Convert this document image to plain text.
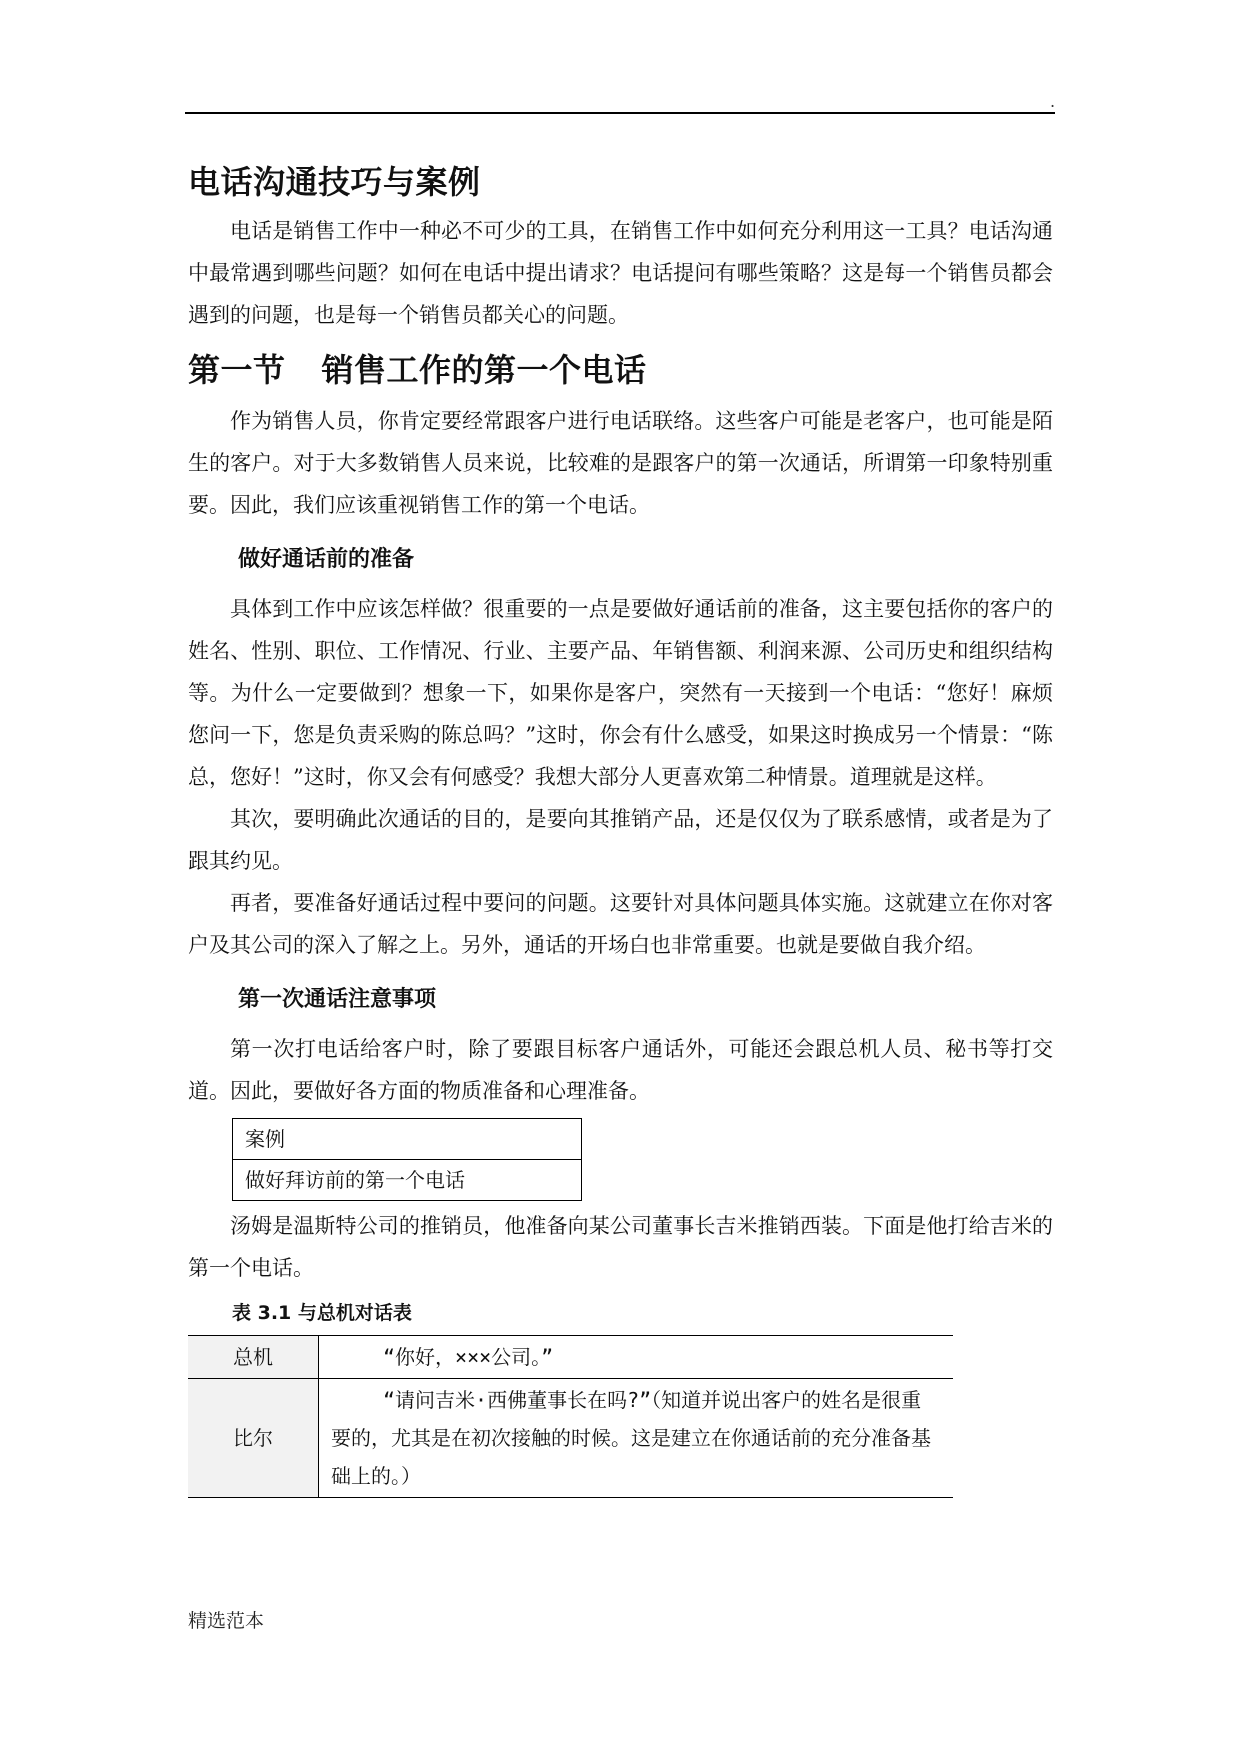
.
电话沟通技巧与案例

电话是销售工作中一种必不可少的工具，在销售工作中如何充分利用这一工具？电话沟通中最常遇到哪些问题？如何在电话中提出请求？电话提问有哪些策略？这是每一个销售员都会遇到的问题，也是每一个销售员都关心的问题。

第一节 销售工作的第一个电话

作为销售人员，你肯定要经常跟客户进行电话联络。这些客户可能是老客户，也可能是陌生的客户。对于大多数销售人员来说，比较难的是跟客户的第一次通话，所谓第一印象特别重要。因此，我们应该重视销售工作的第一个电话。

做好通话前的准备

具体到工作中应该怎样做？很重要的一点是要做好通话前的准备，这主要包括你的客户的姓名、性别、职位、工作情况、行业、主要产品、年销售额、利润来源、公司历史和组织结构等。为什么一定要做到？想象一下，如果你是客户，突然有一天接到一个电话：“您好！麻烦您问一下，您是负责采购的陈总吗？”这时，你会有什么感受，如果这时换成另一个情景：“陈总，您好！”这时，你又会有何感受？我想大部分人更喜欢第二种情景。道理就是这样。

其次，要明确此次通话的目的，是要向其推销产品，还是仅仅为了联系感情，或者是为了跟其约见。

再者，要准备好通话过程中要问的问题。这要针对具体问题具体实施。这就建立在你对客户及其公司的深入了解之上。另外，通话的开场白也非常重要。也就是要做自我介绍。

第一次通话注意事项

第一次打电话给客户时，除了要跟目标客户通话外，可能还会跟总机人员、秘书等打交道。因此，要做好各方面的物质准备和心理准备。

案例
做好拜访前的第一个电话

汤姆是温斯特公司的推销员，他准备向某公司董事长吉米推销西装。下面是他打给吉米的第一个电话。

表 3.1 与总机对话表
总机	“你好，×××公司。”
比尔	“请问吉米·西佛董事长在吗?”（知道并说出客户的姓名是很重要的，尤其是在初次接触的时候。这是建立在你通话前的充分准备基础上的。）
精选范本
